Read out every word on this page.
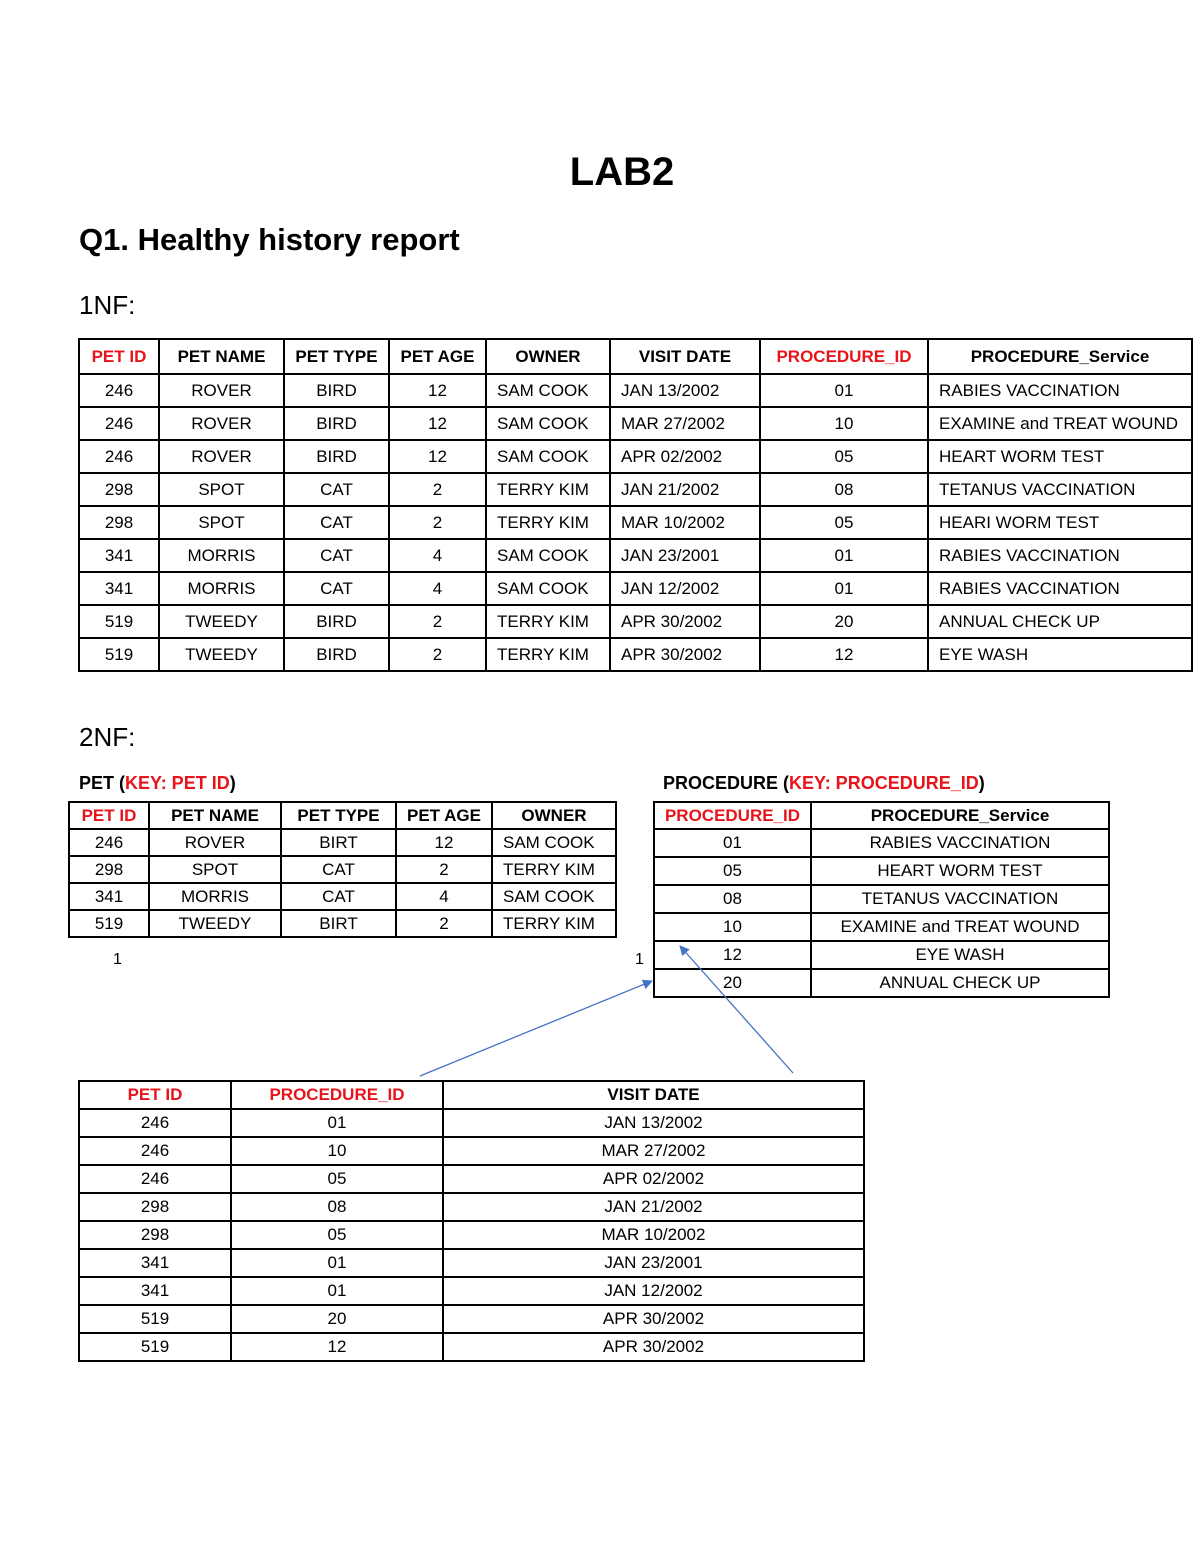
LAB2
Q1. Healthy history report
1NF:
2NF:
PET ID	PET NAME	PET TYPE	PET AGE	OWNER	VISIT DATE	PROCEDURE_ID	PROCEDURE_Service
246	ROVER	BIRD	12	SAM COOK	JAN 13/2002	01	RABIES VACCINATION
246	ROVER	BIRD	12	SAM COOK	MAR 27/2002	10	EXAMINE and TREAT WOUND
246	ROVER	BIRD	12	SAM COOK	APR 02/2002	05	HEART WORM TEST
298	SPOT	CAT	2	TERRY KIM	JAN 21/2002	08	TETANUS VACCINATION
298	SPOT	CAT	2	TERRY KIM	MAR 10/2002	05	HEARI WORM TEST
341	MORRIS	CAT	4	SAM COOK	JAN 23/2001	01	RABIES VACCINATION
341	MORRIS	CAT	4	SAM COOK	JAN 12/2002	01	RABIES VACCINATION
519	TWEEDY	BIRD	2	TERRY KIM	APR 30/2002	20	ANNUAL CHECK UP
519	TWEEDY	BIRD	2	TERRY KIM	APR 30/2002	12	EYE WASH
PET (KEY: PET ID)
PET ID	PET NAME	PET TYPE	PET AGE	OWNER
246	ROVER	BIRT	12	SAM COOK
298	SPOT	CAT	2	TERRY KIM
341	MORRIS	CAT	4	SAM COOK
519	TWEEDY	BIRT	2	TERRY KIM
1
PROCEDURE (KEY: PROCEDURE_ID)
PROCEDURE_ID	PROCEDURE_Service
01	RABIES VACCINATION
05	HEART WORM TEST
08	TETANUS VACCINATION
10	EXAMINE and TREAT WOUND
12	EYE WASH
20	ANNUAL CHECK UP
1
PET ID	PROCEDURE_ID	VISIT DATE
246	01	JAN 13/2002
246	10	MAR 27/2002
246	05	APR 02/2002
298	08	JAN 21/2002
298	05	MAR 10/2002
341	01	JAN 23/2001
341	01	JAN 12/2002
519	20	APR 30/2002
519	12	APR 30/2002
